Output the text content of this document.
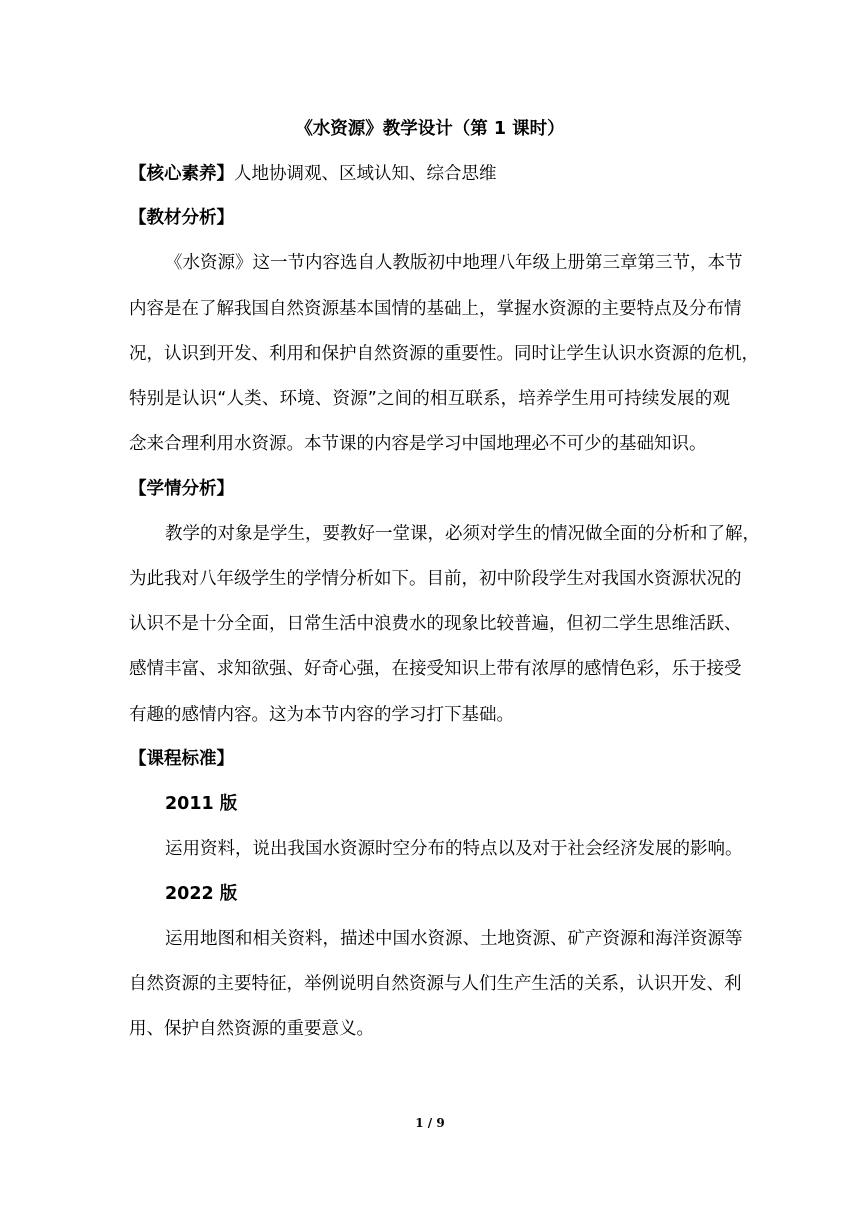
《水资源》教学设计（第 1 课时）
【核心素养】人地协调观、区域认知、综合思维
【教材分析】
《水资源》这一节内容选自人教版初中地理八年级上册第三章第三节，本节
内容是在了解我国自然资源基本国情的基础上，掌握水资源的主要特点及分布情
况，认识到开发、利用和保护自然资源的重要性。同时让学生认识水资源的危机，
特别是认识“人类、环境、资源”之间的相互联系，培养学生用可持续发展的观
念来合理利用水资源。本节课的内容是学习中国地理必不可少的基础知识。
【学情分析】
教学的对象是学生，要教好一堂课，必须对学生的情况做全面的分析和了解，
为此我对八年级学生的学情分析如下。目前，初中阶段学生对我国水资源状况的
认识不是十分全面，日常生活中浪费水的现象比较普遍，但初二学生思维活跃、
感情丰富、求知欲强、好奇心强，在接受知识上带有浓厚的感情色彩，乐于接受
有趣的感情内容。这为本节内容的学习打下基础。
【课程标准】
2011 版
运用资料，说出我国水资源时空分布的特点以及对于社会经济发展的影响。
2022 版
运用地图和相关资料，描述中国水资源、土地资源、矿产资源和海洋资源等
自然资源的主要特征，举例说明自然资源与人们生产生活的关系，认识开发、利
用、保护自然资源的重要意义。
1 / 9
